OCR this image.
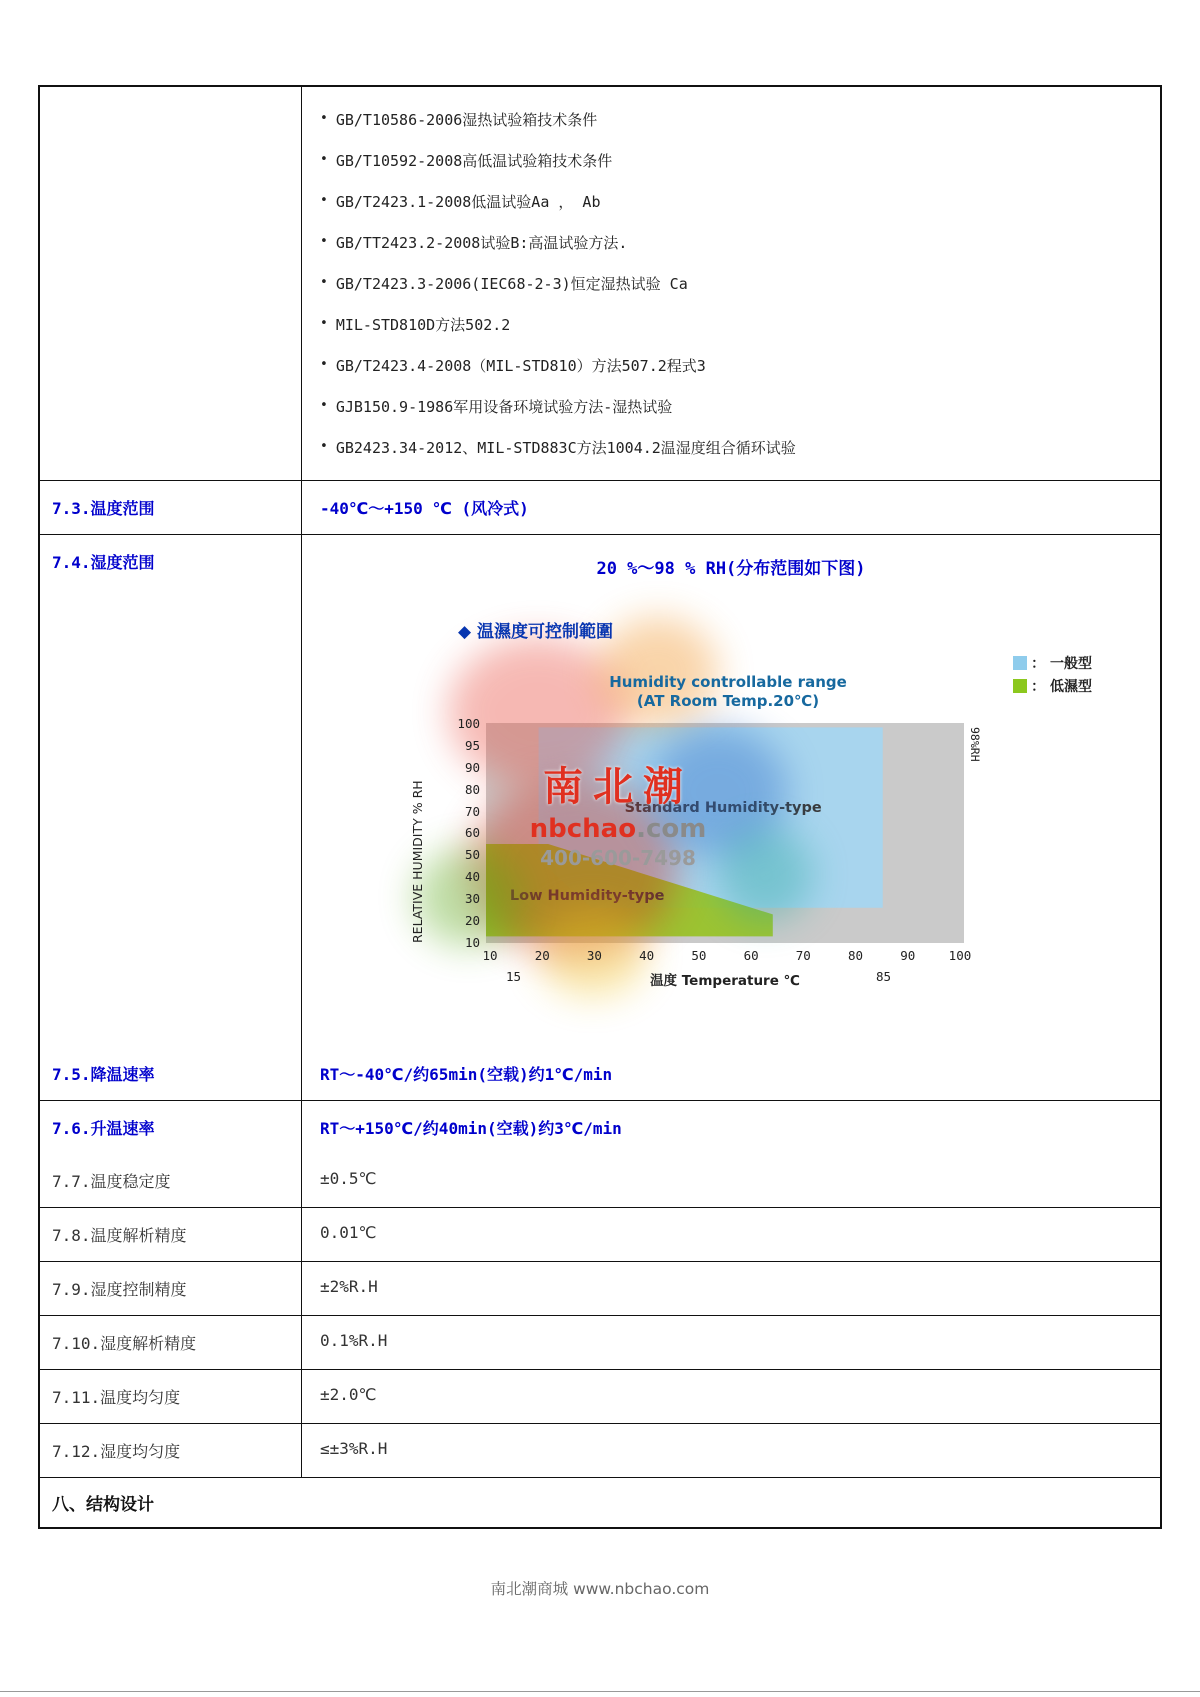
• GB/T10586-2006湿热试验箱技术条件
• GB/T10592-2008高低温试验箱技术条件
• GB/T2423.1-2008低温试验Aa ， Ab
• GB/TT2423.2-2008试验B:高温试验方法.
• GB/T2423.3-2006(IEC68-2-3)恒定湿热试验 Ca
• MIL-STD810D方法502.2
• GB/T2423.4-2008（MIL-STD810）方法507.2程式3
• GJB150.9-1986军用设备环境试验方法-湿热试验
• GB2423.34-2012、MIL-STD883C方法1004.2温湿度组合循环试验
7.3.温度范围	-40℃～+150 ℃ (风冷式)
7.4.湿度范围	20 %～98 % RH(分布范围如下图)
◆ 温濕度可控制範圍
： 一般型
： 低濕型
Humidity controllable range
(AT Room Temp.20℃)
RELATIVE HUMIDITY % RH
100
95
90
80
70
60
50
40
30
20
10
Standard Humidity-type
Low Humidity-type
10	20	30	40	50	60	70	80	90	100
15	85
温度 Temperature ℃
98%RH
南北潮
nbchao.com
400-600-7498
7.5.降温速率	RT～-40℃/约65min(空载)约1℃/min
7.6.升温速率	RT～+150℃/约40min(空载)约3℃/min
7.7.温度稳定度	±0.5℃
7.8.温度解析精度	0.01℃
7.9.湿度控制精度	±2%R.H
7.10.湿度解析精度	0.1%R.H
7.11.温度均匀度	±2.0℃
7.12.湿度均匀度	≤±3%R.H
八、结构设计
南北潮商城 www.nbchao.com
